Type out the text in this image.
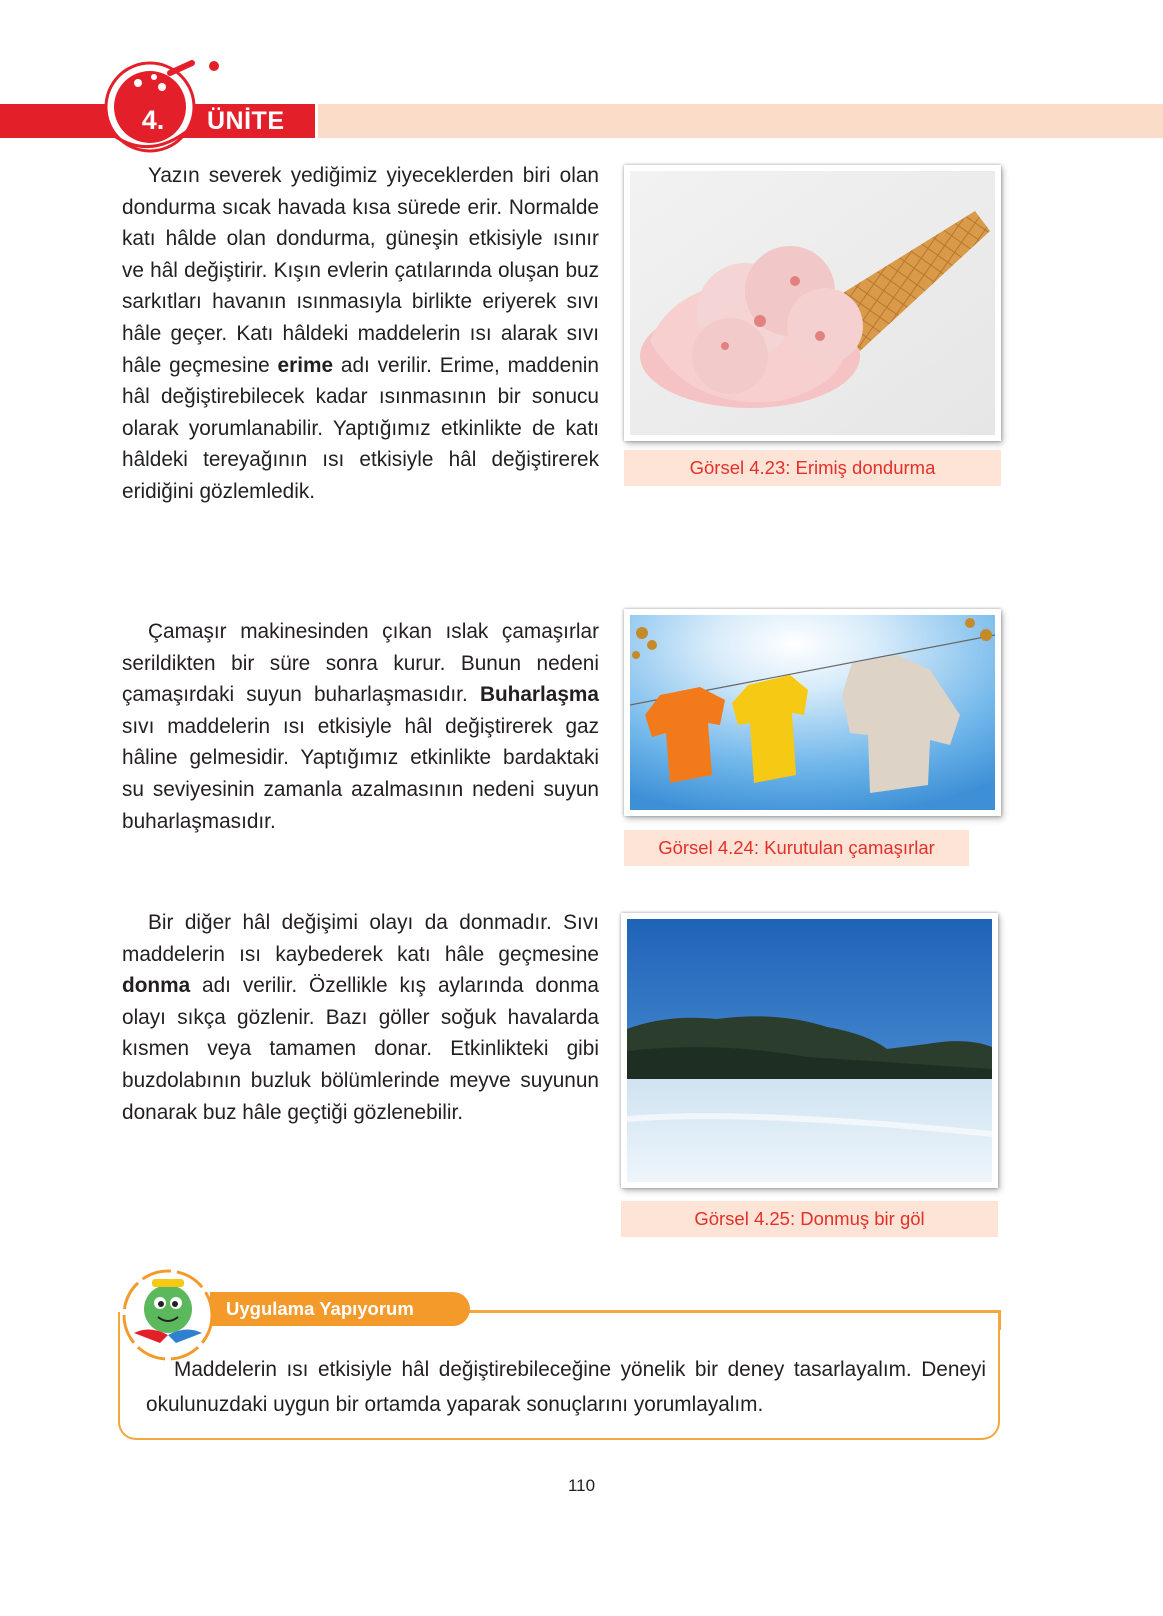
4.	ÜNİTE

Yazın severek yediğimiz yiyeceklerden biri olan dondurma sıcak havada kısa sürede erir. Normalde katı hâlde olan dondurma, güneşin etkisiyle ısınır ve hâl değiştirir. Kışın evlerin çatılarında oluşan buz sarkıtları havanın ısınmasıyla birlikte eriyerek sıvı hâle geçer. Katı hâldeki maddelerin ısı alarak sıvı hâle geçmesine erime adı verilir. Erime, maddenin hâl değiştirebilecek kadar ısınmasının bir sonucu olarak yorumlanabilir. Yaptığımız etkinlikte de katı hâldeki tereyağının ısı etkisiyle hâl değiştirerek eridiğini gözlemledik.

Görsel 4.23: Erimiş dondurma

Çamaşır makinesinden çıkan ıslak çamaşırlar serildikten bir süre sonra kurur. Bunun nedeni çamaşırdaki suyun buharlaşmasıdır. Buharlaşma sıvı maddelerin ısı etkisiyle hâl değiştirerek gaz hâline gelmesidir. Yaptığımız etkinlikte bardaktaki su seviyesinin zamanla azalmasının nedeni suyun buharlaşmasıdır.

Görsel 4.24: Kurutulan çamaşırlar

Bir diğer hâl değişimi olayı da donmadır. Sıvı maddelerin ısı kaybederek katı hâle geçmesine donma adı verilir. Özellikle kış aylarında donma olayı sıkça gözlenir. Bazı göller soğuk havalarda kısmen veya tamamen donar. Etkinlikteki gibi buzdolabının buzluk bölümlerinde meyve suyunun donarak buz hâle geçtiği gözlenebilir.

Görsel 4.25: Donmuş bir göl
Uygulama Yapıyorum

Maddelerin ısı etkisiyle hâl değiştirebileceğine yönelik bir deney tasarlayalım. Deneyi okulunuzdaki uygun bir ortamda yaparak sonuçlarını yorumlayalım.

110
